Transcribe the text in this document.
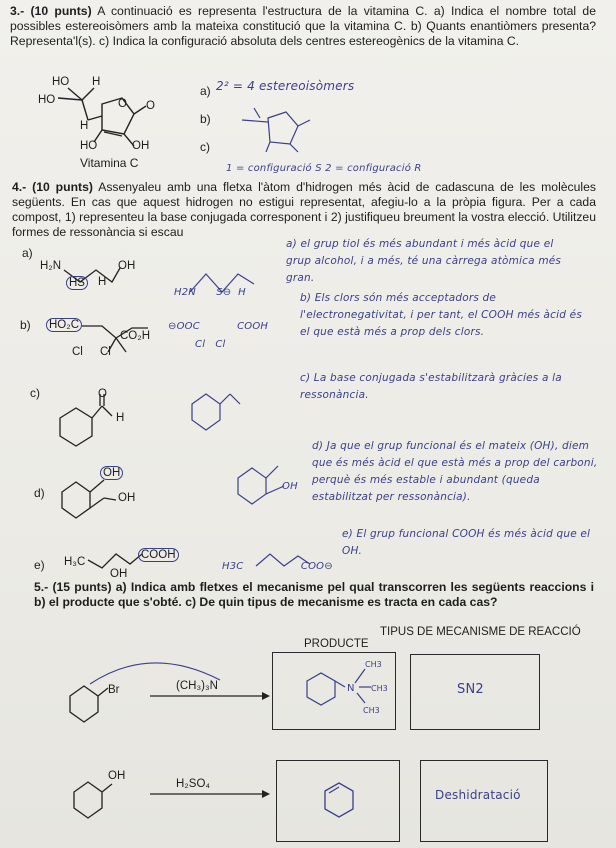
3.- (10 punts) A continuació es representa l'estructura de la vitamina C. a) Indica el nombre total de possibles estereoisòmers amb la mateixa constitució que la vitamina C. b) Quants enantiòmers presenta? Representa'l(s). c) Indica la configuració absoluta dels centres estereogènics de la vitamina C.
HO H
HO	O O
H
HO	OH
Vitamina C
a) 2² = 4 estereoisòmers
b)
c)
1 = configuració S 2 = configuració R
4.- (10 punts) Assenyaleu amb una fletxa l'àtom d'hidrogen més àcid de cadascuna de les molècules següents. En cas que aquest hidrogen no estigui representat, afegiu-lo a la pròpia figura. Per a cada compost, 1) representeu la base conjugada corresponent i 2) justifiqueu breument la vostra elecció. Utilitzeu formes de ressonància si escau
a)
H₂N	OH
HS H
H2N      S⊖  H
a) el grup tiol és més abundant i més àcid que el grup alcohol, i a més, té una càrrega atòmica més gran.
b) HO₂C
CO₂H
Cl Cl
⊖OOC           COOH
Cl   Cl
b) Els clors són més acceptadors de l'electronegativitat, i per tant, el COOH més àcid és el que està més a prop dels clors.
c)	O
H
c) La base conjugada s'estabilitzarà gràcies a la ressonància.
d)
OH
OH
OH
d) Ja que el grup funcional és el mateix (OH), diem que és més àcid el que està més a prop del carboni, perquè és més estable i abundant (queda estabilitzat per ressonància).
e) H₃C
COOH
OH
H3C                 COO⊖
e) El grup funcional COOH és més àcid que el OH.
5.- (15 punts) a) Indica amb fletxes el mecanisme pel qual transcorren les següents reaccions i b) el producte que s'obté. c) De quin tipus de mecanisme es tracta en cada cas?
PRODUCTE
TIPUS DE MECANISME DE REACCIÓ
Br	(CH₃)₃N	N
CH3
CH3
CH3
SN2
OH
H₂SO₄
Deshidratació
